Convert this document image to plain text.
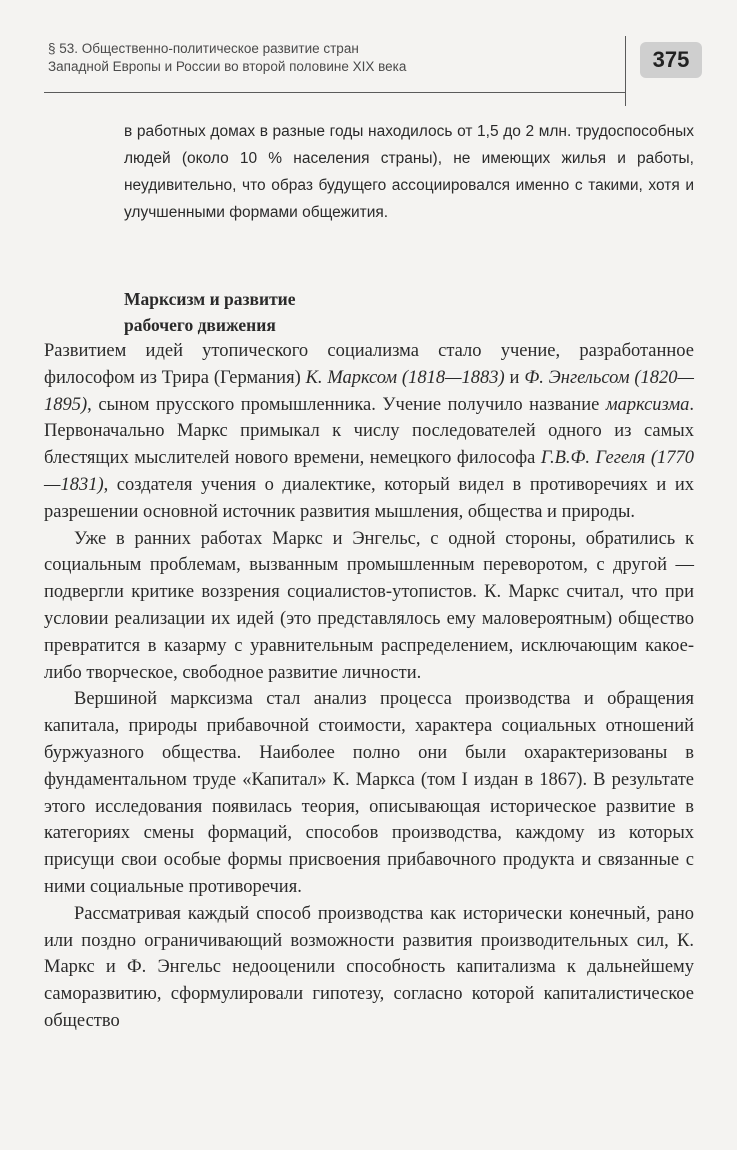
§ 53. Общественно-политическое развитие стран
Западной Европы и России во второй половине XIX века	375

в работных домах в разные годы находилось от 1,5 до 2 млн. трудоспособных людей (около 10 % населения страны), не имеющих жилья и работы, неудивительно, что образ будущего ассоциировался именно с такими, хотя и улучшенными формами общежития.

Марксизм и развитие
рабочего движения

Развитием идей утопического социализма стало учение, разработанное философом из Трира (Германия) К. Марксом (1818—1883) и Ф. Энгельсом (1820—1895), сыном прусского промышленника. Учение получило название марксизма. Первоначально Маркс примыкал к числу последователей одного из самых блестящих мыслителей нового времени, немецкого философа Г.В.Ф. Гегеля (1770—1831), создателя учения о диалектике, который видел в противоречиях и их разрешении основной источник развития мышления, общества и природы.

Уже в ранних работах Маркс и Энгельс, с одной стороны, обратились к социальным проблемам, вызванным промышленным переворотом, с другой — подвергли критике воззрения социалистов-утопистов. К. Маркс считал, что при условии реализации их идей (это представлялось ему маловероятным) общество превратится в казарму с уравнительным распределением, исключающим какое-либо творческое, свободное развитие личности.

Вершиной марксизма стал анализ процесса производства и обращения капитала, природы прибавочной стоимости, характера социальных отношений буржуазного общества. Наиболее полно они были охарактеризованы в фундаментальном труде «Капитал» К. Маркса (том I издан в 1867). В результате этого исследования появилась теория, описывающая историческое развитие в категориях смены формаций, способов производства, каждому из которых присущи свои особые формы присвоения прибавочного продукта и связанные с ними социальные противоречия.

Рассматривая каждый способ производства как исторически конечный, рано или поздно ограничивающий возможности развития производительных сил, К. Маркс и Ф. Энгельс недооценили способность капитализма к дальнейшему саморазвитию, сформулировали гипотезу, согласно которой капиталистическое общество
